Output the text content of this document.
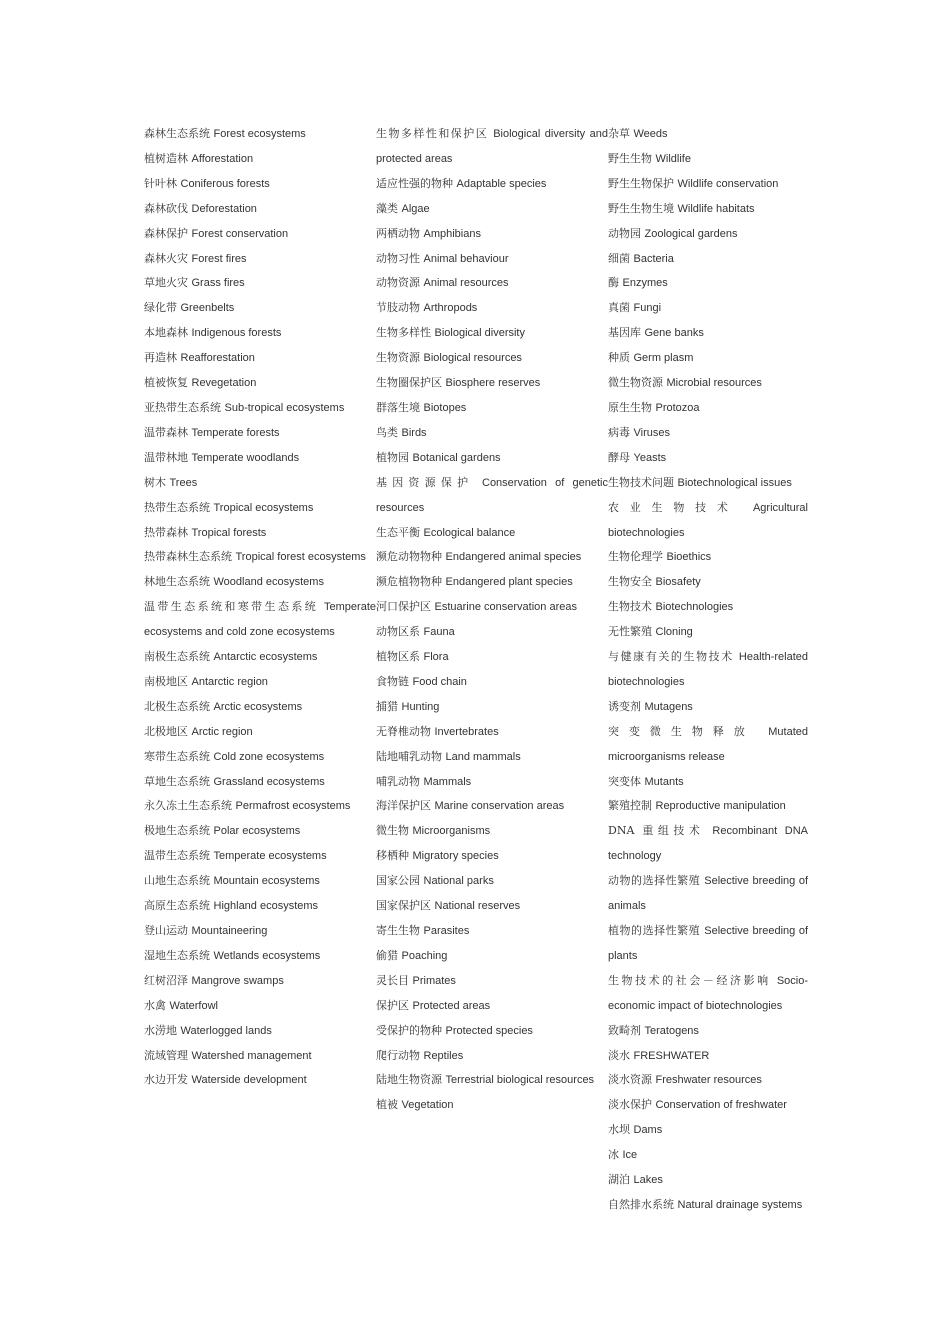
森林生态系统 Forest ecosystems

植树造林 Afforestation

针叶林 Coniferous forests

森林砍伐 Deforestation

森林保护 Forest conservation

森林火灾 Forest fires

草地火灾 Grass fires

绿化带 Greenbelts

本地森林 Indigenous forests

再造林 Reafforestation

植被恢复 Revegetation

亚热带生态系统 Sub-tropical ecosystems

温带森林 Temperate forests

温带林地 Temperate woodlands

树木 Trees

热带生态系统 Tropical ecosystems

热带森林 Tropical forests

热带森林生态系统 Tropical forest ecosystems

林地生态系统 Woodland ecosystems

温带生态系统和寒带生态系统 Temperate ecosystems and cold zone ecosystems

南极生态系统 Antarctic ecosystems

南极地区 Antarctic region

北极生态系统 Arctic ecosystems

北极地区 Arctic region

寒带生态系统 Cold zone ecosystems

草地生态系统 Grassland ecosystems

永久冻土生态系统 Permafrost ecosystems

极地生态系统 Polar ecosystems

温带生态系统 Temperate ecosystems

山地生态系统 Mountain ecosystems

高原生态系统 Highland ecosystems

登山运动 Mountaineering

湿地生态系统 Wetlands ecosystems

红树沼泽 Mangrove swamps

水禽 Waterfowl

水涝地 Waterlogged lands

流域管理 Watershed management

水边开发 Waterside development

生物多样性和保护区 Biological diversity and protected areas

适应性强的物种 Adaptable species

藻类 Algae

两栖动物 Amphibians

动物习性 Animal behaviour

动物资源 Animal resources

节肢动物 Arthropods

生物多样性 Biological diversity

生物资源 Biological resources

生物圈保护区 Biosphere reserves

群落生境 Biotopes

鸟类 Birds

植物园 Botanical gardens

基因资源保护 Conservation of genetic resources

生态平衡 Ecological balance

濒危动物物种 Endangered animal species

濒危植物物种 Endangered plant species

河口保护区 Estuarine conservation areas

动物区系 Fauna

植物区系 Flora

食物链 Food chain

捕猎 Hunting

无脊椎动物 Invertebrates

陆地哺乳动物 Land mammals

哺乳动物 Mammals

海洋保护区 Marine conservation areas

微生物 Microorganisms

移栖种 Migratory species

国家公园 National parks

国家保护区 National reserves

寄生生物 Parasites

偷猎 Poaching

灵长目 Primates

保护区 Protected areas

受保护的物种 Protected species

爬行动物 Reptiles

陆地生物资源 Terrestrial biological resources

植被 Vegetation

杂草 Weeds

野生生物 Wildlife

野生生物保护 Wildlife conservation

野生生物生境 Wildlife habitats

动物园 Zoological gardens

细菌 Bacteria

酶 Enzymes

真菌 Fungi

基因库 Gene banks

种质 Germ plasm

微生物资源 Microbial resources

原生生物 Protozoa

病毒 Viruses

酵母 Yeasts

生物技术问题 Biotechnological issues

农业生物技术 Agricultural biotechnologies

生物伦理学 Bioethics

生物安全 Biosafety

生物技术 Biotechnologies

无性繁殖 Cloning

与健康有关的生物技术 Health-related biotechnologies

诱变剂 Mutagens

突变微生物释放 Mutated microorganisms release

突变体 Mutants

繁殖控制 Reproductive manipulation

DNA 重组技术 Recombinant DNA technology

动物的选择性繁殖 Selective breeding of animals

植物的选择性繁殖 Selective breeding of plants

生物技术的社会－经济影响 Socio-economic impact of biotechnologies

致畸剂 Teratogens

淡水 FRESHWATER

淡水资源 Freshwater resources

淡水保护 Conservation of freshwater

水坝 Dams

冰 Ice

湖泊 Lakes

自然排水系统 Natural drainage systems
